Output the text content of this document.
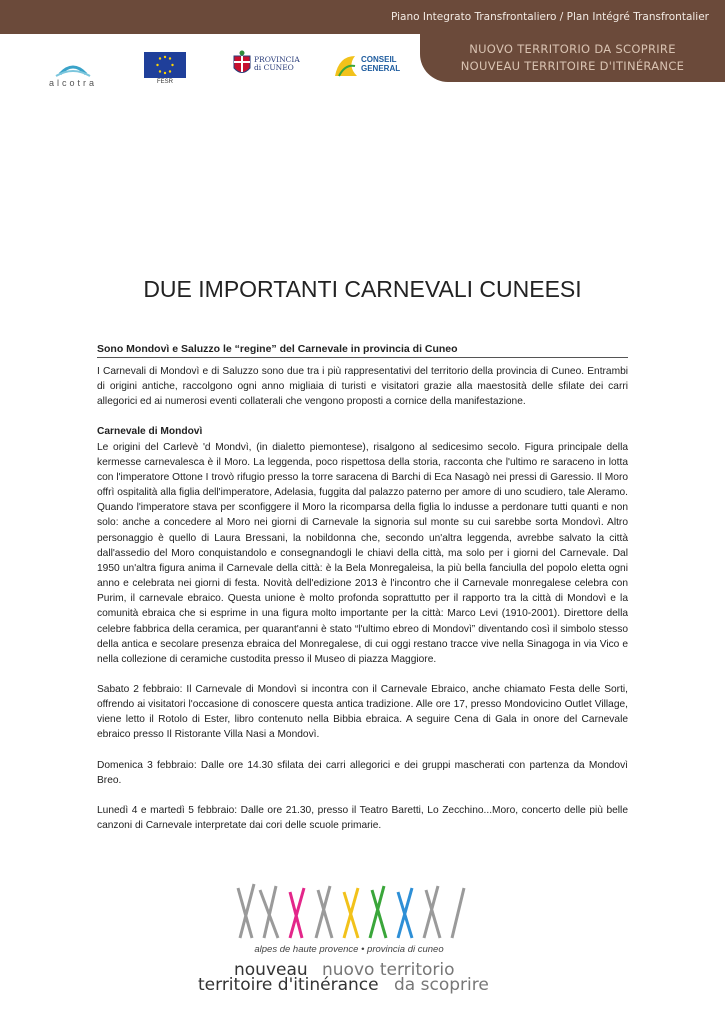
Piano Integrato Transfrontaliero / Plan Intégré Transfrontalier
NUOVO TERRITORIO DA SCOPRIRE
NOUVEAU TERRITOIRE D'ITINÉRANCE
alcotra	FESR
PROVINCIA di CUNEO
CONSEIL
GENERAL
DUE IMPORTANTI CARNEVALI CUNEESI
Sono Mondovì e Saluzzo le “regine” del Carnevale in provincia di Cuneo

I Carnevali di Mondovì e di Saluzzo sono due tra i più rappresentativi del territorio della provincia di Cuneo. Entrambi di origini antiche, raccolgono ogni anno migliaia di turisti e visitatori grazie alla maestosità delle sfilate dei carri allegorici ed ai numerosi eventi collaterali che vengono proposti a cornice della manifestazione.

Carnevale di Mondovì
Le origini del Carlevè 'd Mondvì, (in dialetto piemontese), risalgono al sedicesimo secolo. Figura principale della kermesse carnevalesca è il Moro. La leggenda, poco rispettosa della storia, racconta che l'ultimo re saraceno in lotta con l'imperatore Ottone I trovò rifugio presso la torre saracena di Barchi di Eca Nasagò nei pressi di Garessio. Il Moro offrì ospitalità alla figlia dell'imperatore, Adelasia, fuggita dal palazzo paterno per amore di uno scudiero, tale Aleramo. Quando l'imperatore stava per sconfiggere il Moro la ricomparsa della figlia lo indusse a perdonare tutti quanti e non solo: anche a concedere al Moro nei giorni di Carnevale la signoria sul monte su cui sarebbe sorta Mondovì. Altro personaggio è quello di Laura Bressani, la nobildonna che, secondo un'altra leggenda, avrebbe salvato la città dall'assedio del Moro conquistandolo e consegnandogli le chiavi della città, ma solo per i giorni del Carnevale. Dal 1950 un'altra figura anima il Carnevale della città: è la Bela Monregaleisa, la più bella fanciulla del popolo eletta ogni anno e celebrata nei giorni di festa. Novità dell'edizione 2013 è l'incontro che il Carnevale monregalese celebra con Purim, il carnevale ebraico. Questa unione è molto profonda soprattutto per il rapporto tra la città di Mondovì e la comunità ebraica che si esprime in una figura molto importante per la città: Marco Levi (1910-2001). Direttore della celebre fabbrica della ceramica, per quarant'anni è stato “l'ultimo ebreo di Mondovì” diventando così il simbolo stesso della antica e secolare presenza ebraica del Monregalese, di cui oggi restano tracce vive nella Sinagoga in via Vico e nella collezione di ceramiche custodita presso il Museo di piazza Maggiore.

Sabato 2 febbraio: Il Carnevale di Mondovì si incontra con il Carnevale Ebraico, anche chiamato Festa delle Sorti, offrendo ai visitatori l'occasione di conoscere questa antica tradizione. Alle ore 17, presso Mondovicino Outlet Village, viene letto il Rotolo di Ester, libro contenuto nella Bibbia ebraica. A seguire Cena di Gala in onore del Carnevale ebraico presso Il Ristorante Villa Nasi a Mondovì.

Domenica 3 febbraio: Dalle ore 14.30 sfilata dei carri allegorici e dei gruppi mascherati con partenza da Mondovì Breo.

Lunedì 4 e martedì 5 febbraio: Dalle ore 21.30, presso il Teatro Baretti, Lo Zecchino...Moro, concerto delle più belle canzoni di Carnevale interpretate dai cori delle scuole primarie.

alpes de haute provence • provincia di cuneo
nouveau nuovo territorio
territoire d'itinérance da scoprire
